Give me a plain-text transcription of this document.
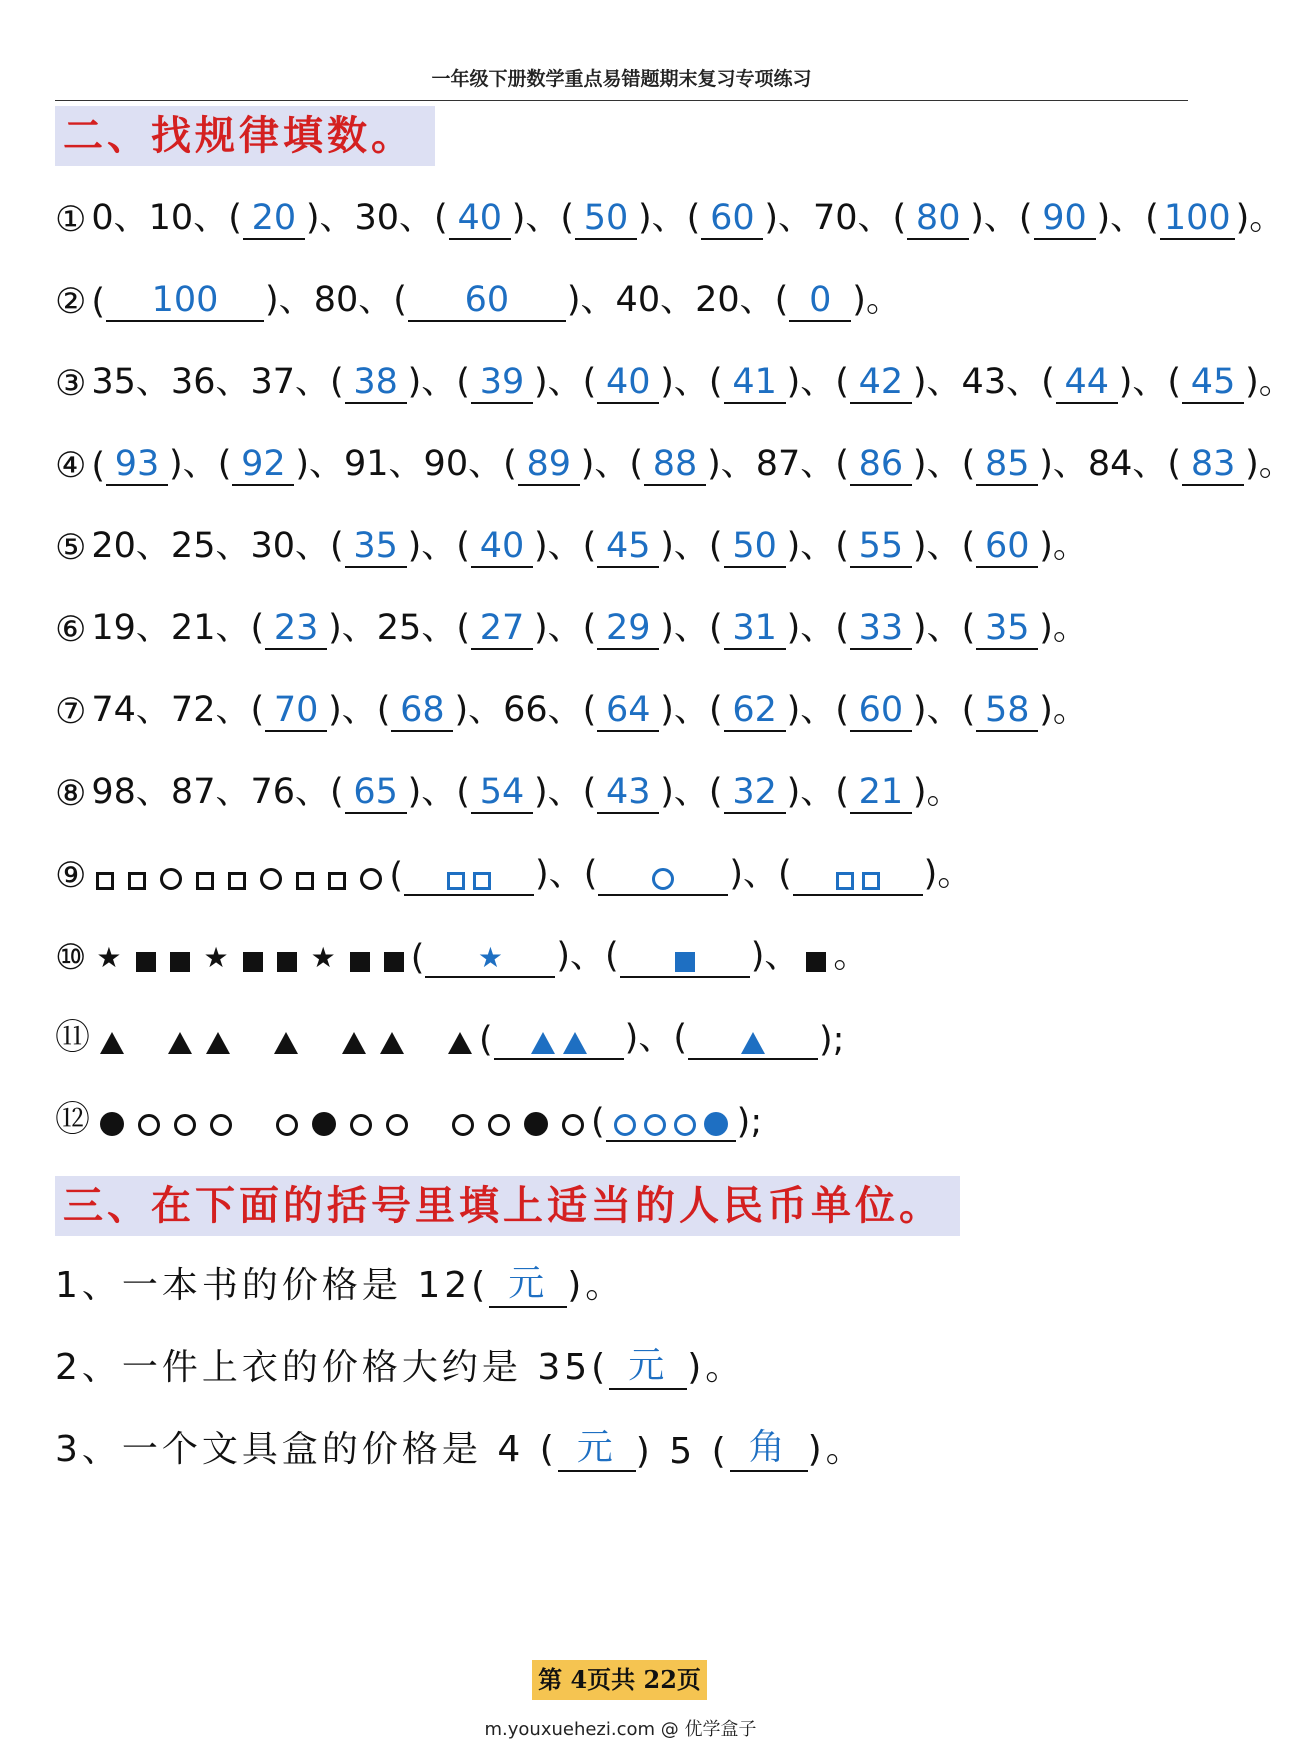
一年级下册数学重点易错题期末复习专项练习
二、找规律填数。
① 0、10、( 20 )、30、( 40 )、( 50 )、( 60 )、70、( 80 )、( 90 )、( 100 )。
② (	100	)、80、(	60	)、40、20、( 0 )。
③ 35、36、37、( 38 )、( 39 )、( 40 )、( 41 )、( 42 )、43、( 44 )、( 45 )。
④ ( 93 )、( 92 )、91、90、( 89 )、( 88 )、87、( 86 )、( 85 )、84、( 83 )。
⑤ 20、25、30、( 35 )、( 40 )、( 45 )、( 50 )、( 55 )、( 60 )。
⑥ 19、21、( 23 )、25、( 27 )、( 29 )、( 31 )、( 33 )、( 35 )。
⑦ 74、72、( 70 )、( 68 )、66、( 64 )、( 62 )、( 60 )、( 58 )。
⑧ 98、87、76、( 65 )、( 54 )、( 43 )、( 32 )、( 21 )。
⑨	(	)、(	)、(	)。
⑩ ★	★	★ ( ★ )、(	)、 。
⑪	(	)、(	);
⑫	(	);
三、在下面的括号里填上适当的人民币单位。
1、一本书的价格是 12( 元 )。
2、一件上衣的价格大约是 35( 元 )。
3、一个文具盒的价格是 4 ( 元 ) 5 ( 角 )。
第 4页共 22页
m.youxuehezi.com @ 优学盒子
